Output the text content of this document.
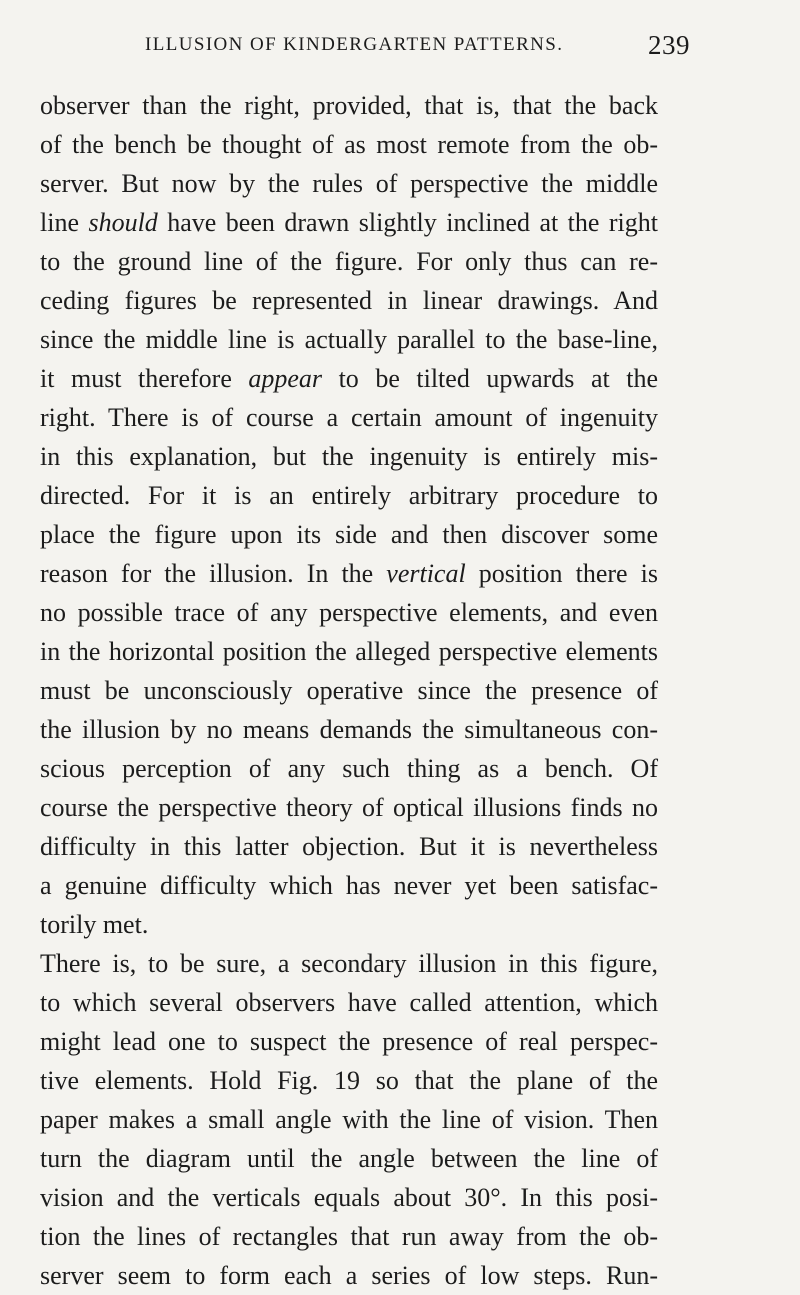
ILLUSION OF KINDERGARTEN PATTERNS.	239
observer than the right, provided, that is, that the back
of the bench be thought of as most remote from the ob-
server. But now by the rules of perspective the middle
line should have been drawn slightly inclined at the right
to the ground line of the figure. For only thus can re-
ceding figures be represented in linear drawings. And
since the middle line is actually parallel to the base-line,
it must therefore appear to be tilted upwards at the
right. There is of course a certain amount of ingenuity
in this explanation, but the ingenuity is entirely mis-
directed. For it is an entirely arbitrary procedure to
place the figure upon its side and then discover some
reason for the illusion. In the vertical position there is
no possible trace of any perspective elements, and even
in the horizontal position the alleged perspective elements
must be unconsciously operative since the presence of
the illusion by no means demands the simultaneous con-
scious perception of any such thing as a bench. Of
course the perspective theory of optical illusions finds no
difficulty in this latter objection. But it is nevertheless
a genuine difficulty which has never yet been satisfac-
torily met.
There is, to be sure, a secondary illusion in this figure,
to which several observers have called attention, which
might lead one to suspect the presence of real perspec-
tive elements. Hold Fig. 19 so that the plane of the
paper makes a small angle with the line of vision. Then
turn the diagram until the angle between the line of
vision and the verticals equals about 30°. In this posi-
tion the lines of rectangles that run away from the ob-
server seem to form each a series of low steps. Run-
